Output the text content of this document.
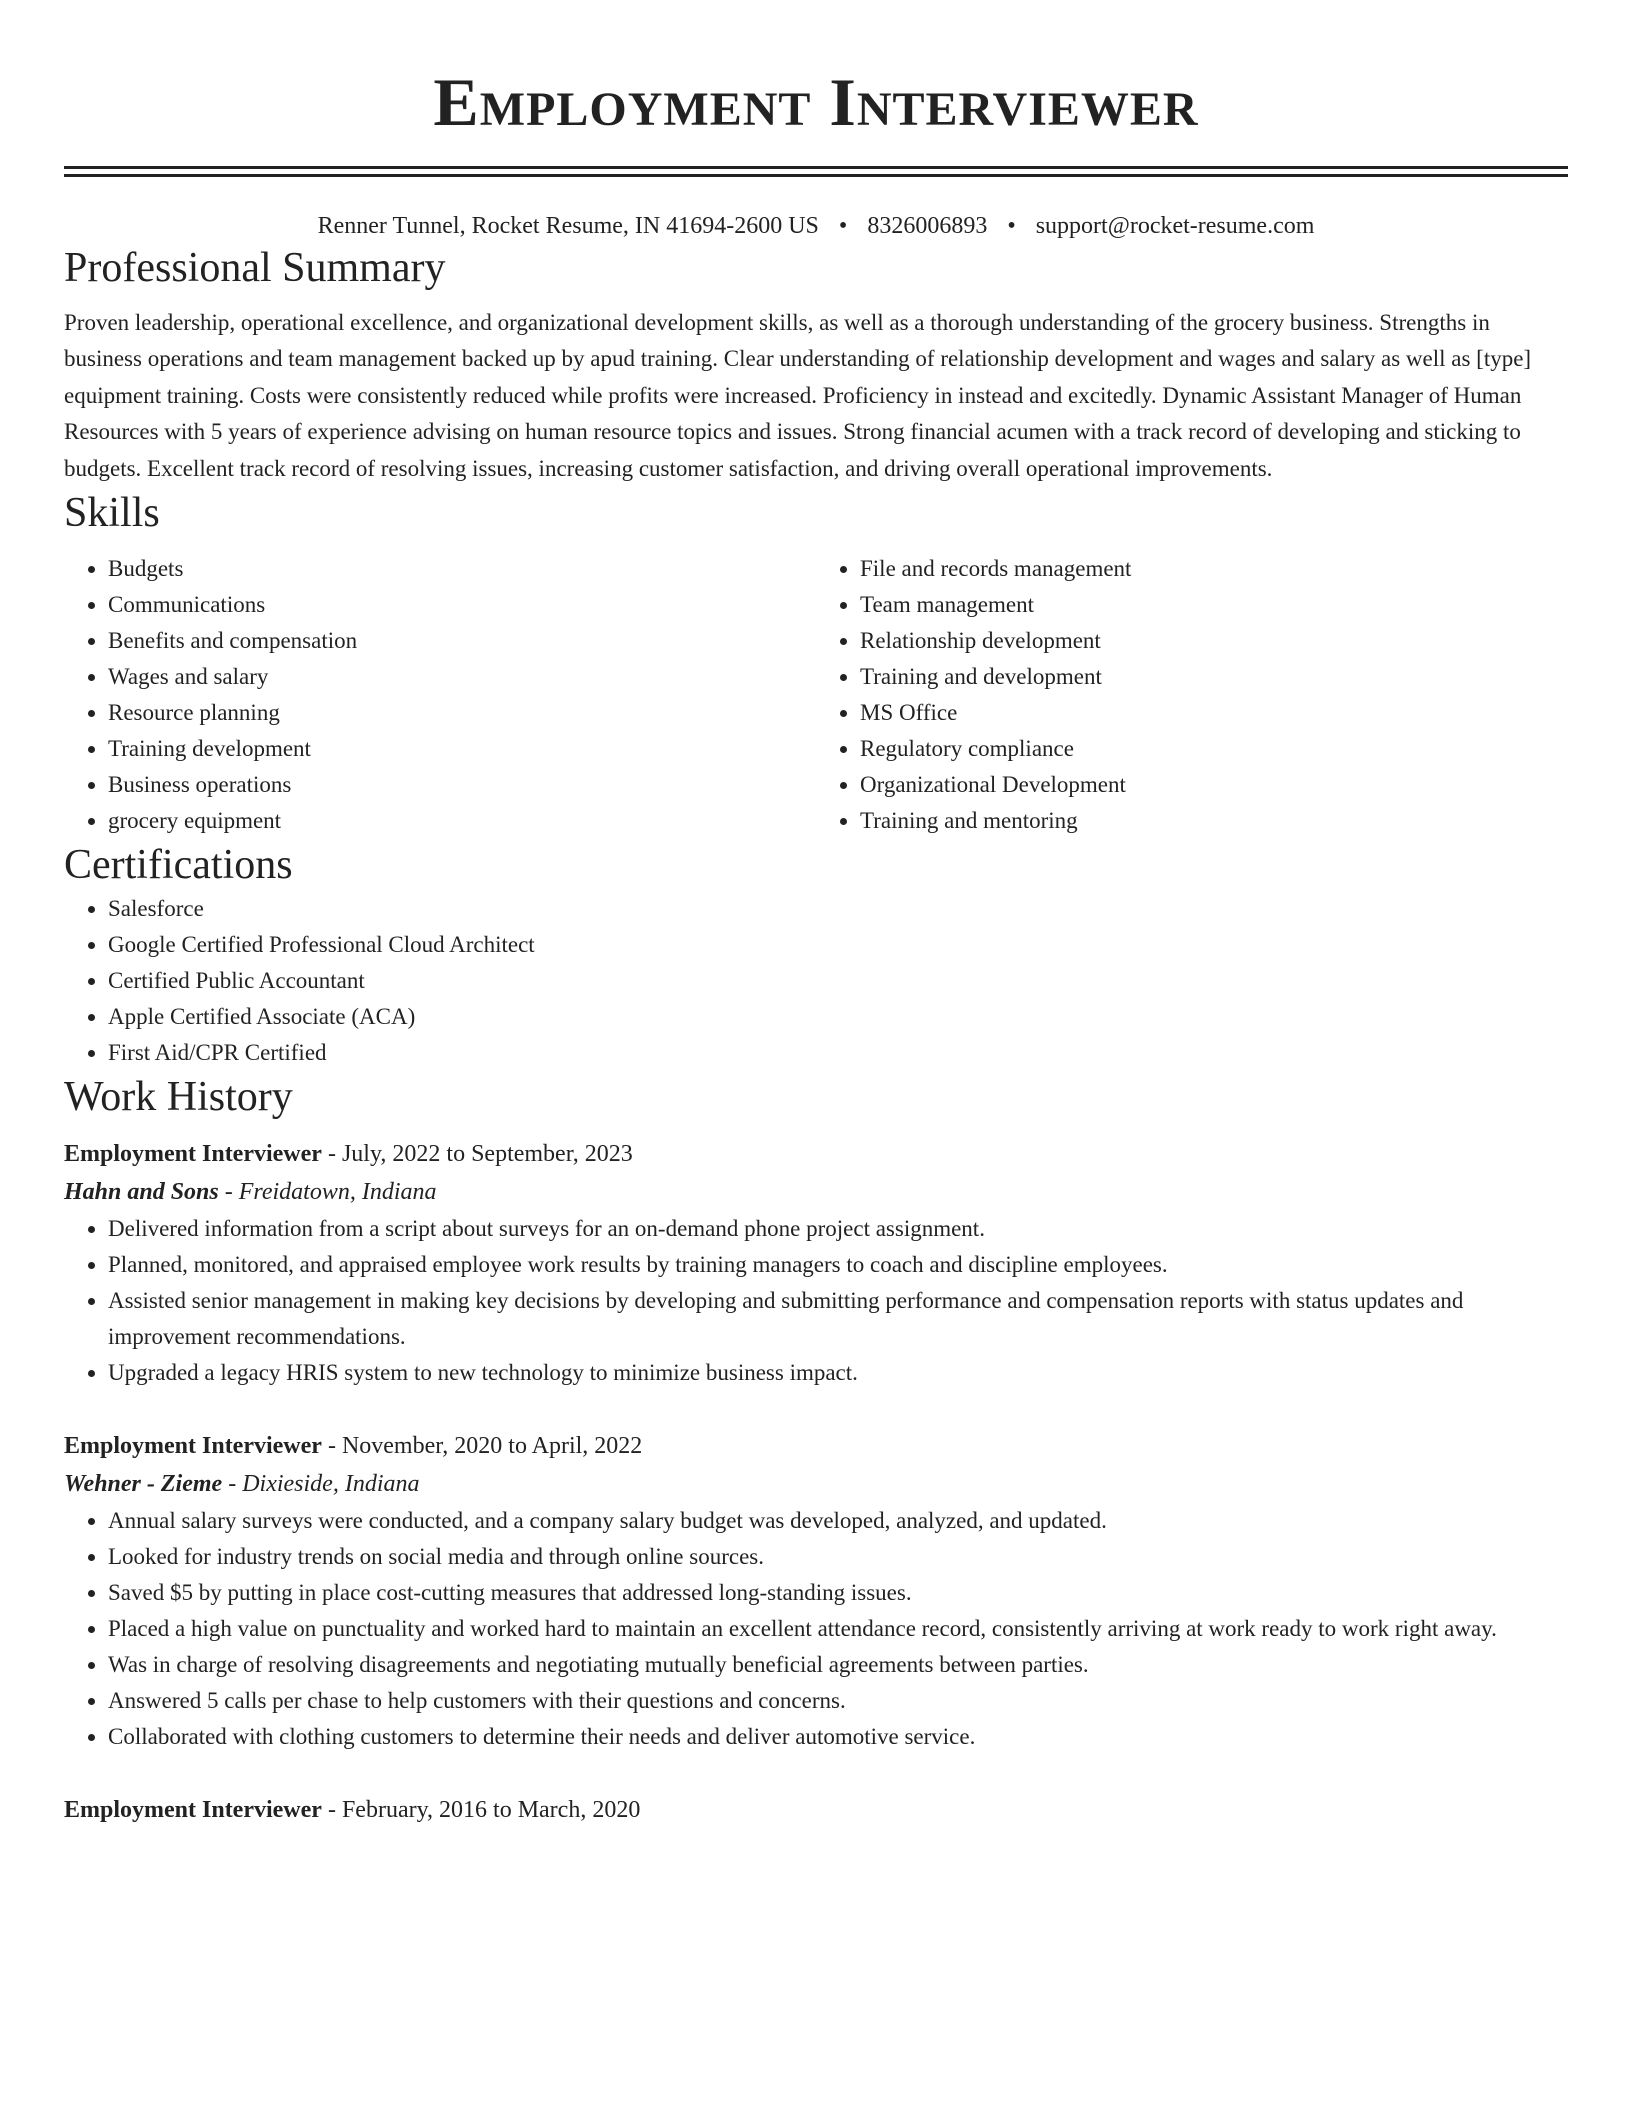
Employment Interviewer
Renner Tunnel, Rocket Resume, IN 41694-2600 US • 8326006893 • support@rocket-resume.com
Professional Summary
Proven leadership, operational excellence, and organizational development skills, as well as a thorough understanding of the grocery business. Strengths in business operations and team management backed up by apud training. Clear understanding of relationship development and wages and salary as well as [type] equipment training. Costs were consistently reduced while profits were increased. Proficiency in instead and excitedly. Dynamic Assistant Manager of Human Resources with 5 years of experience advising on human resource topics and issues. Strong financial acumen with a track record of developing and sticking to budgets. Excellent track record of resolving issues, increasing customer satisfaction, and driving overall operational improvements.
Skills
• Budgets
• Communications
• Benefits and compensation
• Wages and salary
• Resource planning
• Training development
• Business operations
• grocery equipment
• File and records management
• Team management
• Relationship development
• Training and development
• MS Office
• Regulatory compliance
• Organizational Development
• Training and mentoring
Certifications
• Salesforce
• Google Certified Professional Cloud Architect
• Certified Public Accountant
• Apple Certified Associate (ACA)
• First Aid/CPR Certified
Work History
Employment Interviewer - July, 2022 to September, 2023
Hahn and Sons - Freidatown, Indiana
• Delivered information from a script about surveys for an on-demand phone project assignment.
• Planned, monitored, and appraised employee work results by training managers to coach and discipline employees.
• Assisted senior management in making key decisions by developing and submitting performance and compensation reports with status updates and improvement recommendations.
• Upgraded a legacy HRIS system to new technology to minimize business impact.
Employment Interviewer - November, 2020 to April, 2022
Wehner - Zieme - Dixieside, Indiana
• Annual salary surveys were conducted, and a company salary budget was developed, analyzed, and updated.
• Looked for industry trends on social media and through online sources.
• Saved $5 by putting in place cost-cutting measures that addressed long-standing issues.
• Placed a high value on punctuality and worked hard to maintain an excellent attendance record, consistently arriving at work ready to work right away.
• Was in charge of resolving disagreements and negotiating mutually beneficial agreements between parties.
• Answered 5 calls per chase to help customers with their questions and concerns.
• Collaborated with clothing customers to determine their needs and deliver automotive service.
Employment Interviewer - February, 2016 to March, 2020
